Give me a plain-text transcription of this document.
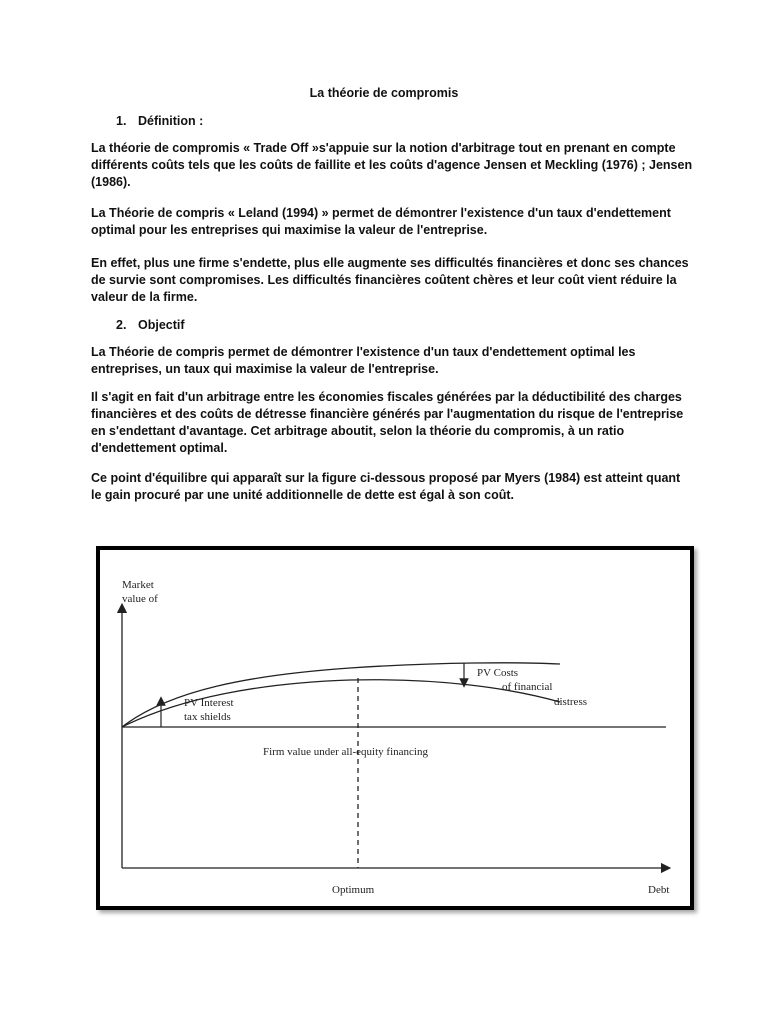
La théorie de compromis
1. Définition :
La théorie de compromis « Trade Off »s'appuie sur la notion d'arbitrage tout en prenant en compte
différents coûts tels que les coûts de faillite et les coûts d'agence Jensen et Meckling (1976) ; Jensen
(1986).
La Théorie de compris « Leland (1994) » permet de démontrer l'existence d'un taux d'endettement
optimal pour les entreprises qui maximise la valeur de l'entreprise.
En effet, plus une firme s'endette, plus elle augmente ses difficultés financières et donc ses chances
de survie sont compromises. Les difficultés financières coûtent chères et leur coût vient réduire la
valeur de la firme.
2. Objectif
La Théorie de compris permet de démontrer l'existence d'un taux d'endettement optimal les
entreprises, un taux qui maximise la valeur de l'entreprise.
Il s'agit en fait d'un arbitrage entre les économies fiscales générées par la déductibilité des charges
financières et des coûts de détresse financière générés par l'augmentation du risque de l'entreprise
en s'endettant d'avantage. Cet arbitrage aboutit, selon la théorie du compromis, à un ratio
d'endettement optimal.
Ce point d'équilibre qui apparaît sur la figure ci-dessous proposé par Myers (1984) est atteint quant
le gain procuré par une unité additionnelle de dette est égal à son coût.
Market
value of
PV Interest
tax shields
PV Costs
of financial
distress
Firm value under all-equity financing
Optimum	Debt
